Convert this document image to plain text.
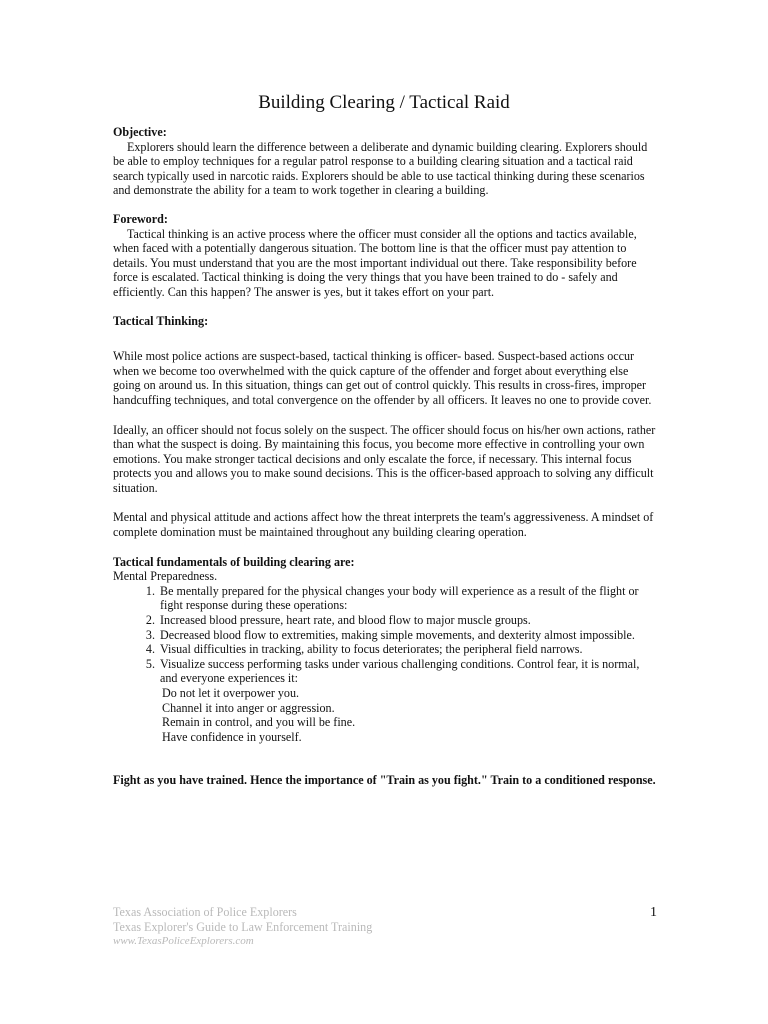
Building Clearing / Tactical Raid

Objective:

Explorers should learn the difference between a deliberate and dynamic building clearing. Explorers should be able to employ techniques for a regular patrol response to a building clearing situation and a tactical raid search typically used in narcotic raids. Explorers should be able to use tactical thinking during these scenarios and demonstrate the ability for a team to work together in clearing a building.

Foreword:

Tactical thinking is an active process where the officer must consider all the options and tactics available, when faced with a potentially dangerous situation. The bottom line is that the officer must pay attention to details. You must understand that you are the most important individual out there. Take responsibility before force is escalated. Tactical thinking is doing the very things that you have been trained to do - safely and efficiently. Can this happen? The answer is yes, but it takes effort on your part.

Tactical Thinking:

While most police actions are suspect-based, tactical thinking is officer- based. Suspect-based actions occur when we become too overwhelmed with the quick capture of the offender and forget about everything else going on around us. In this situation, things can get out of control quickly. This results in cross-fires, improper handcuffing techniques, and total convergence on the offender by all officers. It leaves no one to provide cover.

Ideally, an officer should not focus solely on the suspect. The officer should focus on his/her own actions, rather than what the suspect is doing. By maintaining this focus, you become more effective in controlling your own emotions. You make stronger tactical decisions and only escalate the force, if necessary. This internal focus protects you and allows you to make sound decisions. This is the officer-based approach to solving any difficult situation.

Mental and physical attitude and actions affect how the threat interprets the team's aggressiveness. A mindset of complete domination must be maintained throughout any building clearing operation.

Tactical fundamentals of building clearing are:

Mental Preparedness.

1. Be mentally prepared for the physical changes your body will experience as a result of the flight or fight response during these operations:
2. Increased blood pressure, heart rate, and blood flow to major muscle groups.
3. Decreased blood flow to extremities, making simple movements, and dexterity almost impossible.
4. Visual difficulties in tracking, ability to focus deteriorates; the peripheral field narrows.
5. Visualize success performing tasks under various challenging conditions. Control fear, it is normal, and everyone experiences it:
Do not let it overpower you.
Channel it into anger or aggression.
Remain in control, and you will be fine.
Have confidence in yourself.

Fight as you have trained. Hence the importance of "Train as you fight." Train to a conditioned response.

Texas Association of Police Explorers
Texas Explorer's Guide to Law Enforcement Training
www.TexasPoliceExplorers.com
1
